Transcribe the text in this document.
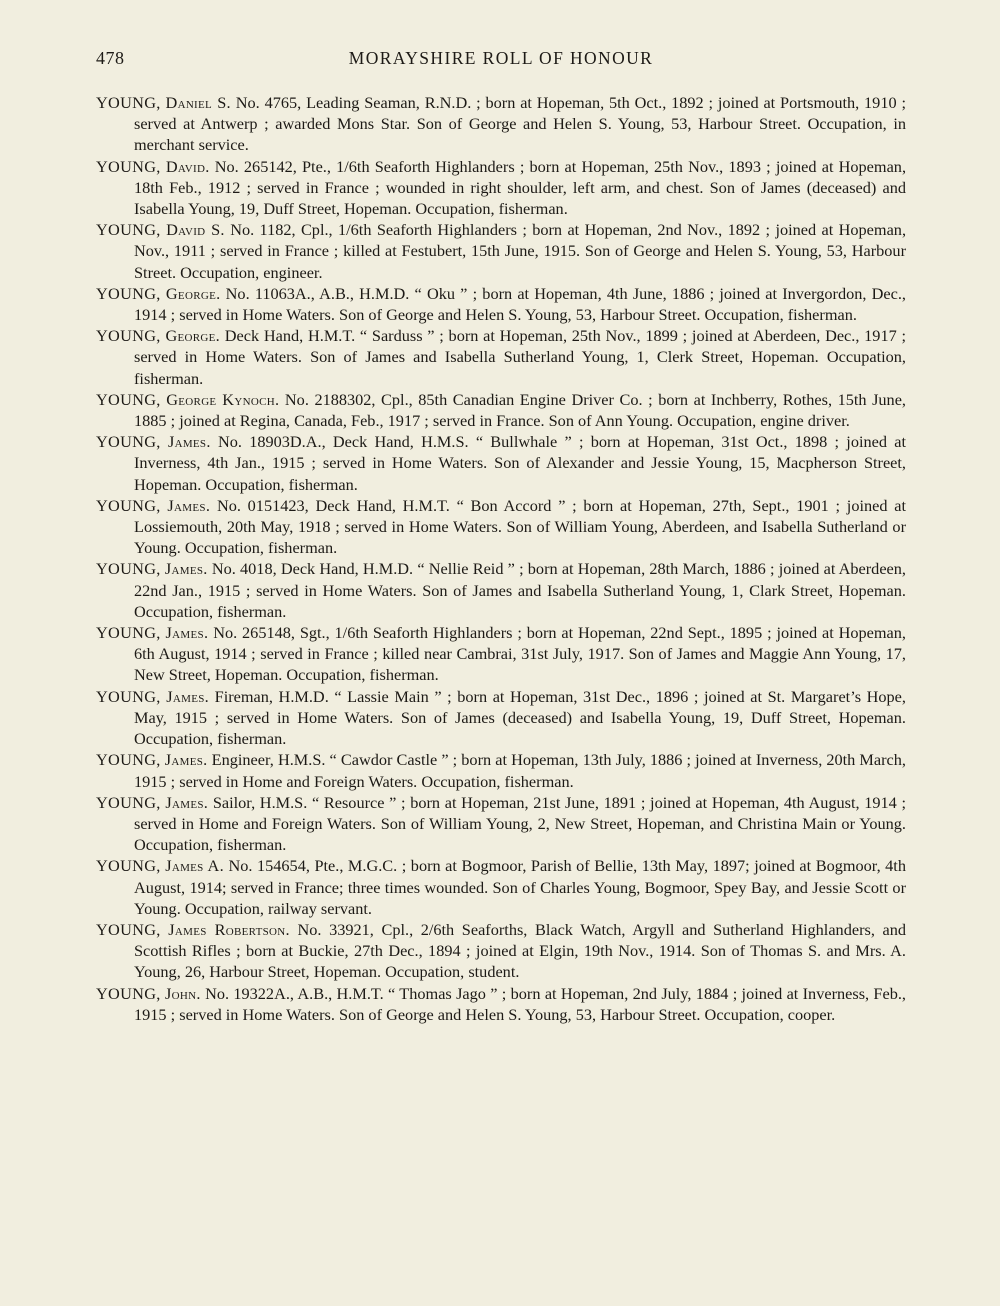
478	MORAYSHIRE ROLL OF HONOUR

YOUNG, Daniel S. No. 4765, Leading Seaman, R.N.D. ; born at Hopeman, 5th Oct., 1892 ; joined at Portsmouth, 1910 ; served at Antwerp ; awarded Mons Star. Son of George and Helen S. Young, 53, Harbour Street. Occupation, in merchant service.

YOUNG, David. No. 265142, Pte., 1/6th Seaforth Highlanders ; born at Hopeman, 25th Nov., 1893 ; joined at Hopeman, 18th Feb., 1912 ; served in France ; wounded in right shoulder, left arm, and chest. Son of James (deceased) and Isabella Young, 19, Duff Street, Hopeman. Occupation, fisherman.

YOUNG, David S. No. 1182, Cpl., 1/6th Seaforth Highlanders ; born at Hopeman, 2nd Nov., 1892 ; joined at Hopeman, Nov., 1911 ; served in France ; killed at Festubert, 15th June, 1915. Son of George and Helen S. Young, 53, Harbour Street. Occupation, engineer.

YOUNG, George. No. 11063A., A.B., H.M.D. “ Oku ” ; born at Hopeman, 4th June, 1886 ; joined at Invergordon, Dec., 1914 ; served in Home Waters. Son of George and Helen S. Young, 53, Harbour Street. Occupation, fisherman.

YOUNG, George. Deck Hand, H.M.T. “ Sarduss ” ; born at Hopeman, 25th Nov., 1899 ; joined at Aberdeen, Dec., 1917 ; served in Home Waters. Son of James and Isabella Sutherland Young, 1, Clerk Street, Hopeman. Occupation, fisherman.

YOUNG, George Kynoch. No. 2188302, Cpl., 85th Canadian Engine Driver Co. ; born at Inchberry, Rothes, 15th June, 1885 ; joined at Regina, Canada, Feb., 1917 ; served in France. Son of Ann Young. Occupation, engine driver.

YOUNG, James. No. 18903D.A., Deck Hand, H.M.S. “ Bullwhale ” ; born at Hopeman, 31st Oct., 1898 ; joined at Inverness, 4th Jan., 1915 ; served in Home Waters. Son of Alexander and Jessie Young, 15, Macpherson Street, Hopeman. Occupation, fisherman.

YOUNG, James. No. 0151423, Deck Hand, H.M.T. “ Bon Accord ” ; born at Hopeman, 27th, Sept., 1901 ; joined at Lossiemouth, 20th May, 1918 ; served in Home Waters. Son of William Young, Aberdeen, and Isabella Sutherland or Young. Occupation, fisherman.

YOUNG, James. No. 4018, Deck Hand, H.M.D. “ Nellie Reid ” ; born at Hopeman, 28th March, 1886 ; joined at Aberdeen, 22nd Jan., 1915 ; served in Home Waters. Son of James and Isabella Sutherland Young, 1, Clark Street, Hopeman. Occupation, fisherman.

YOUNG, James. No. 265148, Sgt., 1/6th Seaforth Highlanders ; born at Hopeman, 22nd Sept., 1895 ; joined at Hopeman, 6th August, 1914 ; served in France ; killed near Cambrai, 31st July, 1917. Son of James and Maggie Ann Young, 17, New Street, Hopeman. Occupation, fisherman.

YOUNG, James. Fireman, H.M.D. “ Lassie Main ” ; born at Hopeman, 31st Dec., 1896 ; joined at St. Margaret’s Hope, May, 1915 ; served in Home Waters. Son of James (deceased) and Isabella Young, 19, Duff Street, Hopeman. Occupation, fisherman.

YOUNG, James. Engineer, H.M.S. “ Cawdor Castle ” ; born at Hopeman, 13th July, 1886 ; joined at Inverness, 20th March, 1915 ; served in Home and Foreign Waters. Occupation, fisherman.

YOUNG, James. Sailor, H.M.S. “ Resource ” ; born at Hopeman, 21st June, 1891 ; joined at Hopeman, 4th August, 1914 ; served in Home and Foreign Waters. Son of William Young, 2, New Street, Hopeman, and Christina Main or Young. Occupation, fisherman.

YOUNG, James A. No. 154654, Pte., M.G.C. ; born at Bogmoor, Parish of Bellie, 13th May, 1897; joined at Bogmoor, 4th August, 1914; served in France; three times wounded. Son of Charles Young, Bogmoor, Spey Bay, and Jessie Scott or Young. Occupation, railway servant.

YOUNG, James Robertson. No. 33921, Cpl., 2/6th Seaforths, Black Watch, Argyll and Sutherland Highlanders, and Scottish Rifles ; born at Buckie, 27th Dec., 1894 ; joined at Elgin, 19th Nov., 1914. Son of Thomas S. and Mrs. A. Young, 26, Harbour Street, Hopeman. Occupation, student.

YOUNG, John. No. 19322A., A.B., H.M.T. “ Thomas Jago ” ; born at Hopeman, 2nd July, 1884 ; joined at Inverness, Feb., 1915 ; served in Home Waters. Son of George and Helen S. Young, 53, Harbour Street. Occupation, cooper.
